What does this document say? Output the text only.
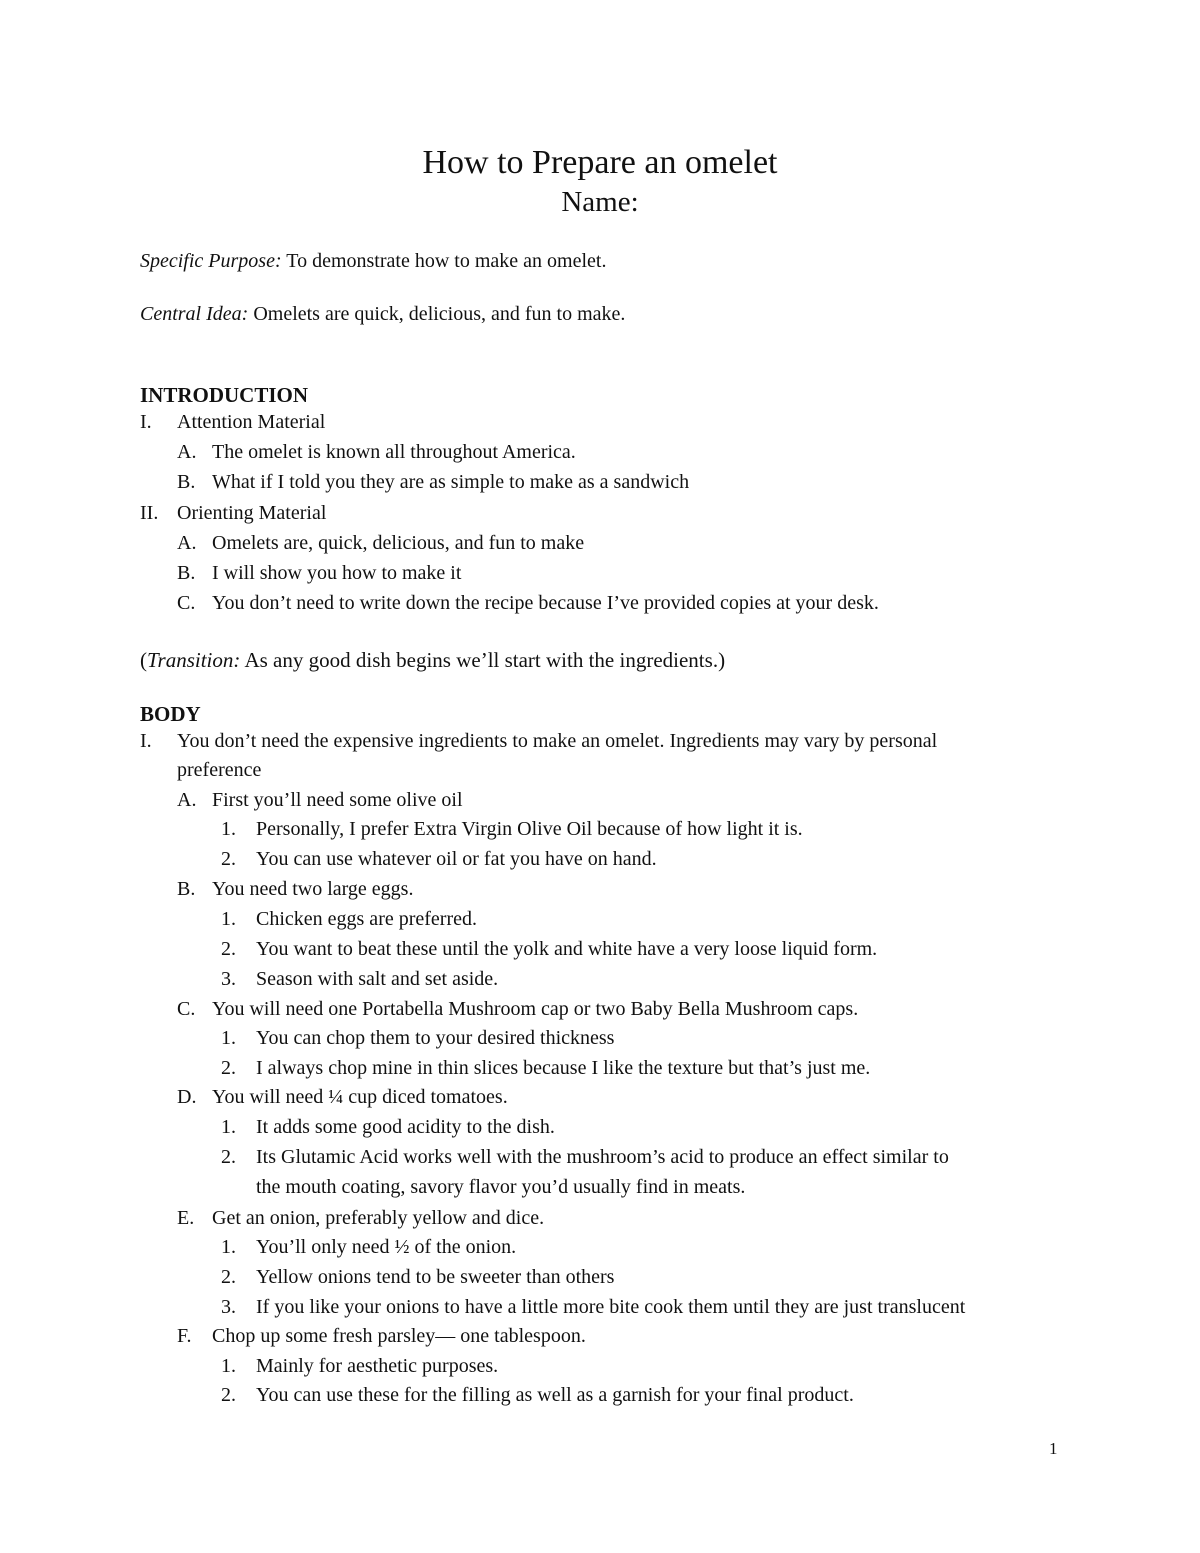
How to Prepare an omelet
Name:
Specific Purpose: To demonstrate how to make an omelet.
Central Idea: Omelets are quick, delicious, and fun to make.
INTRODUCTION
I. Attention Material
A. The omelet is known all throughout America.
B. What if I told you they are as simple to make as a sandwich
II. Orienting Material
A. Omelets are, quick, delicious, and fun to make
B. I will show you how to make it
C. You don’t need to write down the recipe because I’ve provided copies at your desk.
(Transition: As any good dish begins we’ll start with the ingredients.)
BODY
I. You don’t need the expensive ingredients to make an omelet. Ingredients may vary by personal
preference
A. First you’ll need some olive oil
1. Personally, I prefer Extra Virgin Olive Oil because of how light it is.
2. You can use whatever oil or fat you have on hand.
B. You need two large eggs.
1. Chicken eggs are preferred.
2. You want to beat these until the yolk and white have a very loose liquid form.
3. Season with salt and set aside.
C. You will need one Portabella Mushroom cap or two Baby Bella Mushroom caps.
1. You can chop them to your desired thickness
2. I always chop mine in thin slices because I like the texture but that’s just me.
D. You will need ¼ cup diced tomatoes.
1. It adds some good acidity to the dish.
2. Its Glutamic Acid works well with the mushroom’s acid to produce an effect similar to
the mouth coating, savory flavor you’d usually find in meats.
E. Get an onion, preferably yellow and dice.
1. You’ll only need ½ of the onion.
2. Yellow onions tend to be sweeter than others
3. If you like your onions to have a little more bite cook them until they are just translucent
F. Chop up some fresh parsley— one tablespoon.
1. Mainly for aesthetic purposes.
2. You can use these for the filling as well as a garnish for your final product.
1
